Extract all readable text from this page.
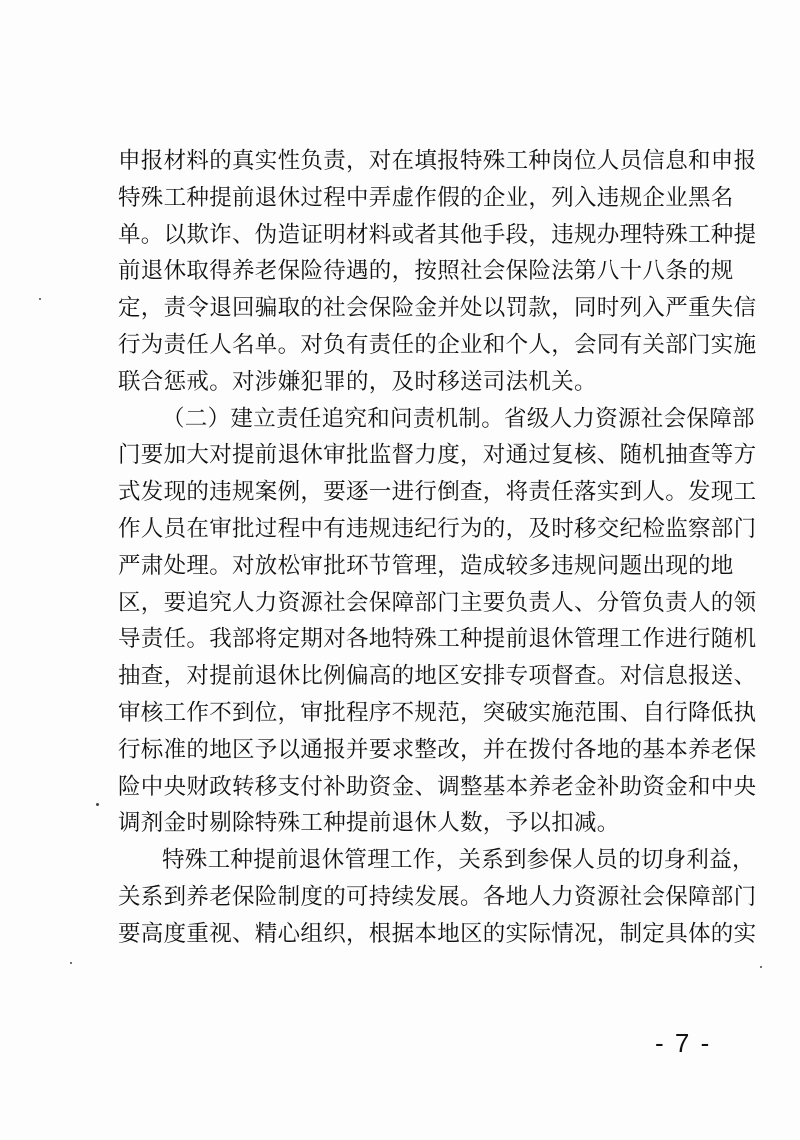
申报材料的真实性负责，对在填报特殊工种岗位人员信息和申报
特殊工种提前退休过程中弄虚作假的企业，列入违规企业黑名
单。以欺诈、伪造证明材料或者其他手段，违规办理特殊工种提
前退休取得养老保险待遇的，按照社会保险法第八十八条的规
定，责令退回骗取的社会保险金并处以罚款，同时列入严重失信
行为责任人名单。对负有责任的企业和个人，会同有关部门实施
联合惩戒。对涉嫌犯罪的，及时移送司法机关。
（二）建立责任追究和问责机制。省级人力资源社会保障部
门要加大对提前退休审批监督力度，对通过复核、随机抽查等方
式发现的违规案例，要逐一进行倒查，将责任落实到人。发现工
作人员在审批过程中有违规违纪行为的，及时移交纪检监察部门
严肃处理。对放松审批环节管理，造成较多违规问题出现的地
区，要追究人力资源社会保障部门主要负责人、分管负责人的领
导责任。我部将定期对各地特殊工种提前退休管理工作进行随机
抽查，对提前退休比例偏高的地区安排专项督查。对信息报送、
审核工作不到位，审批程序不规范，突破实施范围、自行降低执
行标准的地区予以通报并要求整改，并在拨付各地的基本养老保
险中央财政转移支付补助资金、调整基本养老金补助资金和中央
调剂金时剔除特殊工种提前退休人数，予以扣减。
特殊工种提前退休管理工作，关系到参保人员的切身利益，
关系到养老保险制度的可持续发展。各地人力资源社会保障部门
要高度重视、精心组织，根据本地区的实际情况，制定具体的实
- 7 -
